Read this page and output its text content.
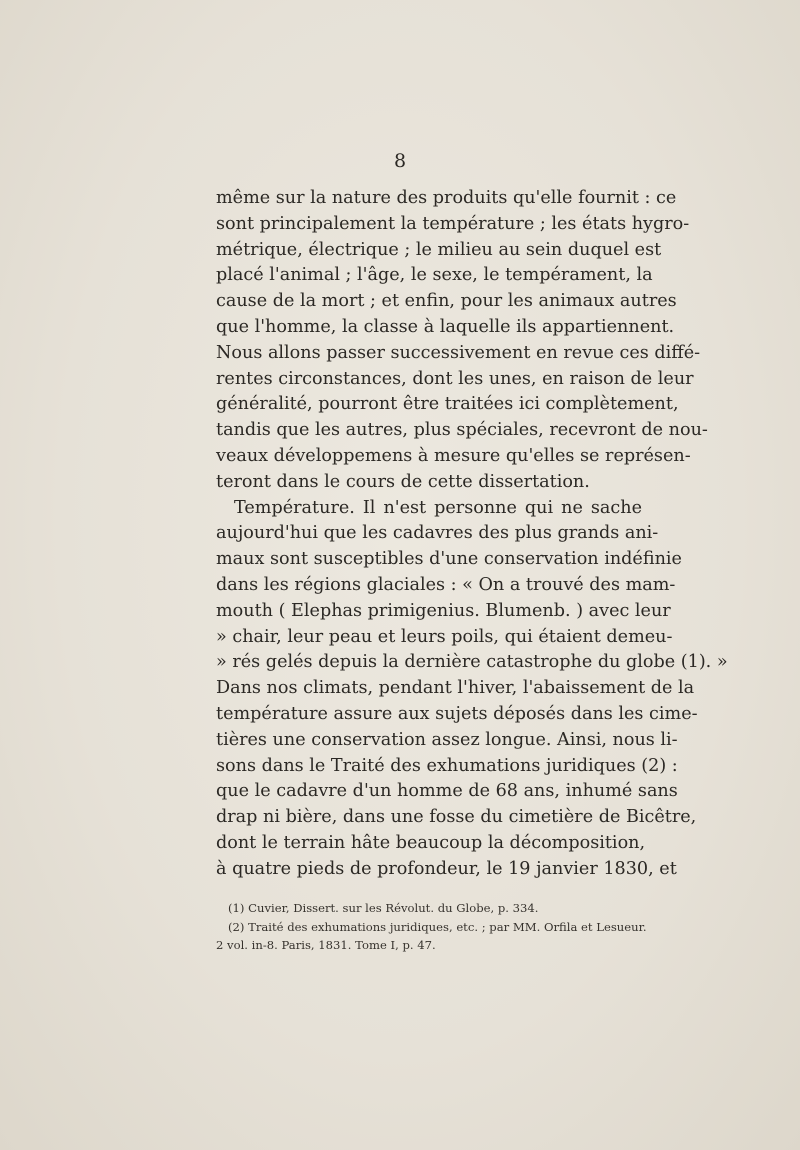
8
même sur la nature des produits qu'elle fournit : ce
sont principalement la température ; les états hygro-
métrique, électrique ; le milieu au sein duquel est
placé l'animal ; l'âge, le sexe, le tempérament, la
cause de la mort ; et enfin, pour les animaux autres
que l'homme, la classe à laquelle ils appartiennent.
Nous allons passer successivement en revue ces diffé-
rentes circonstances, dont les unes, en raison de leur
généralité, pourront être traitées ici complètement,
tandis que les autres, plus spéciales, recevront de nou-
veaux développemens à mesure qu'elles se représen-
teront dans le cours de cette dissertation.
Température. Il n'est personne qui ne sache
aujourd'hui que les cadavres des plus grands ani-
maux sont susceptibles d'une conservation indéfinie
dans les régions glaciales : « On a trouvé des mam-
mouth ( Elephas primigenius. Blumenb. ) avec leur
» chair, leur peau et leurs poils, qui étaient demeu-
» rés gelés depuis la dernière catastrophe du globe (1). »
Dans nos climats, pendant l'hiver, l'abaissement de la
température assure aux sujets déposés dans les cime-
tières une conservation assez longue. Ainsi, nous li-
sons dans le Traité des exhumations juridiques (2) :
que le cadavre d'un homme de 68 ans, inhumé sans
drap ni bière, dans une fosse du cimetière de Bicêtre,
dont le terrain hâte beaucoup la décomposition,
à quatre pieds de profondeur, le 19 janvier 1830, et
(1) Cuvier, Dissert. sur les Révolut. du Globe, p. 334.
(2) Traité des exhumations juridiques, etc. ; par MM. Orfila et Lesueur.
2 vol. in-8. Paris, 1831. Tome I, p. 47.
